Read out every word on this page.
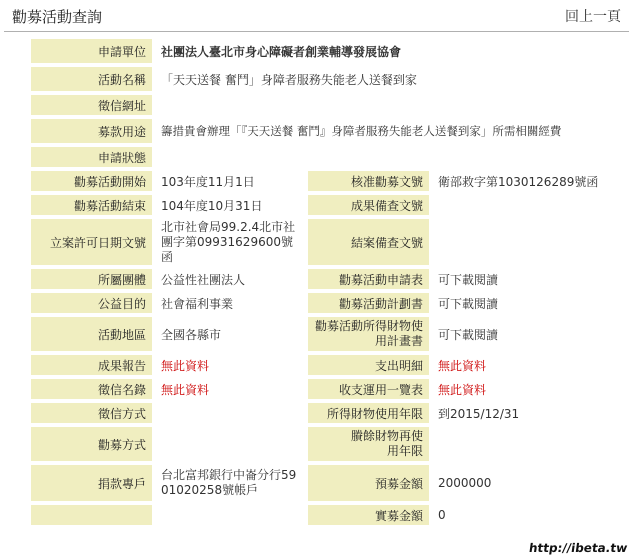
勸募活動查詢	回上一頁
申請單位	社團法人臺北市身心障礙者創業輔導發展協會		
活動名稱	「天天送餐 奮鬥」身障者服務失能老人送餐到家		
徵信網址			
募款用途	籌措貴會辦理「『天天送餐 奮鬥』身障者服務失能老人送餐到家」所需相關經費		
申請狀態			
勸募活動開始	103年度11月1日	核准勸募文號	衛部救字第1030126289號函
勸募活動結束	104年度10月31日	成果備查文號	
立案許可日期文號	北市社會局99.2.4北市社團字第09931629600號函	結案備查文號	
所屬團體	公益性社團法人	勸募活動申請表	可下載閱讀
公益目的	社會福利事業	勸募活動計劃書	可下載閱讀
活動地區	全國各縣市	勸募活動所得財物使用計畫書	可下載閱讀
成果報告	無此資料	支出明細	無此資料
徵信名錄	無此資料	收支運用一覽表	無此資料
徵信方式		所得財物使用年限	到2015/12/31
勸募方式		賸餘財物再使用年限	
捐款專戶	台北富邦銀行中崙分行5901020258號帳戶	預募金額	2000000
		實募金額	0
http://ibeta.tw
